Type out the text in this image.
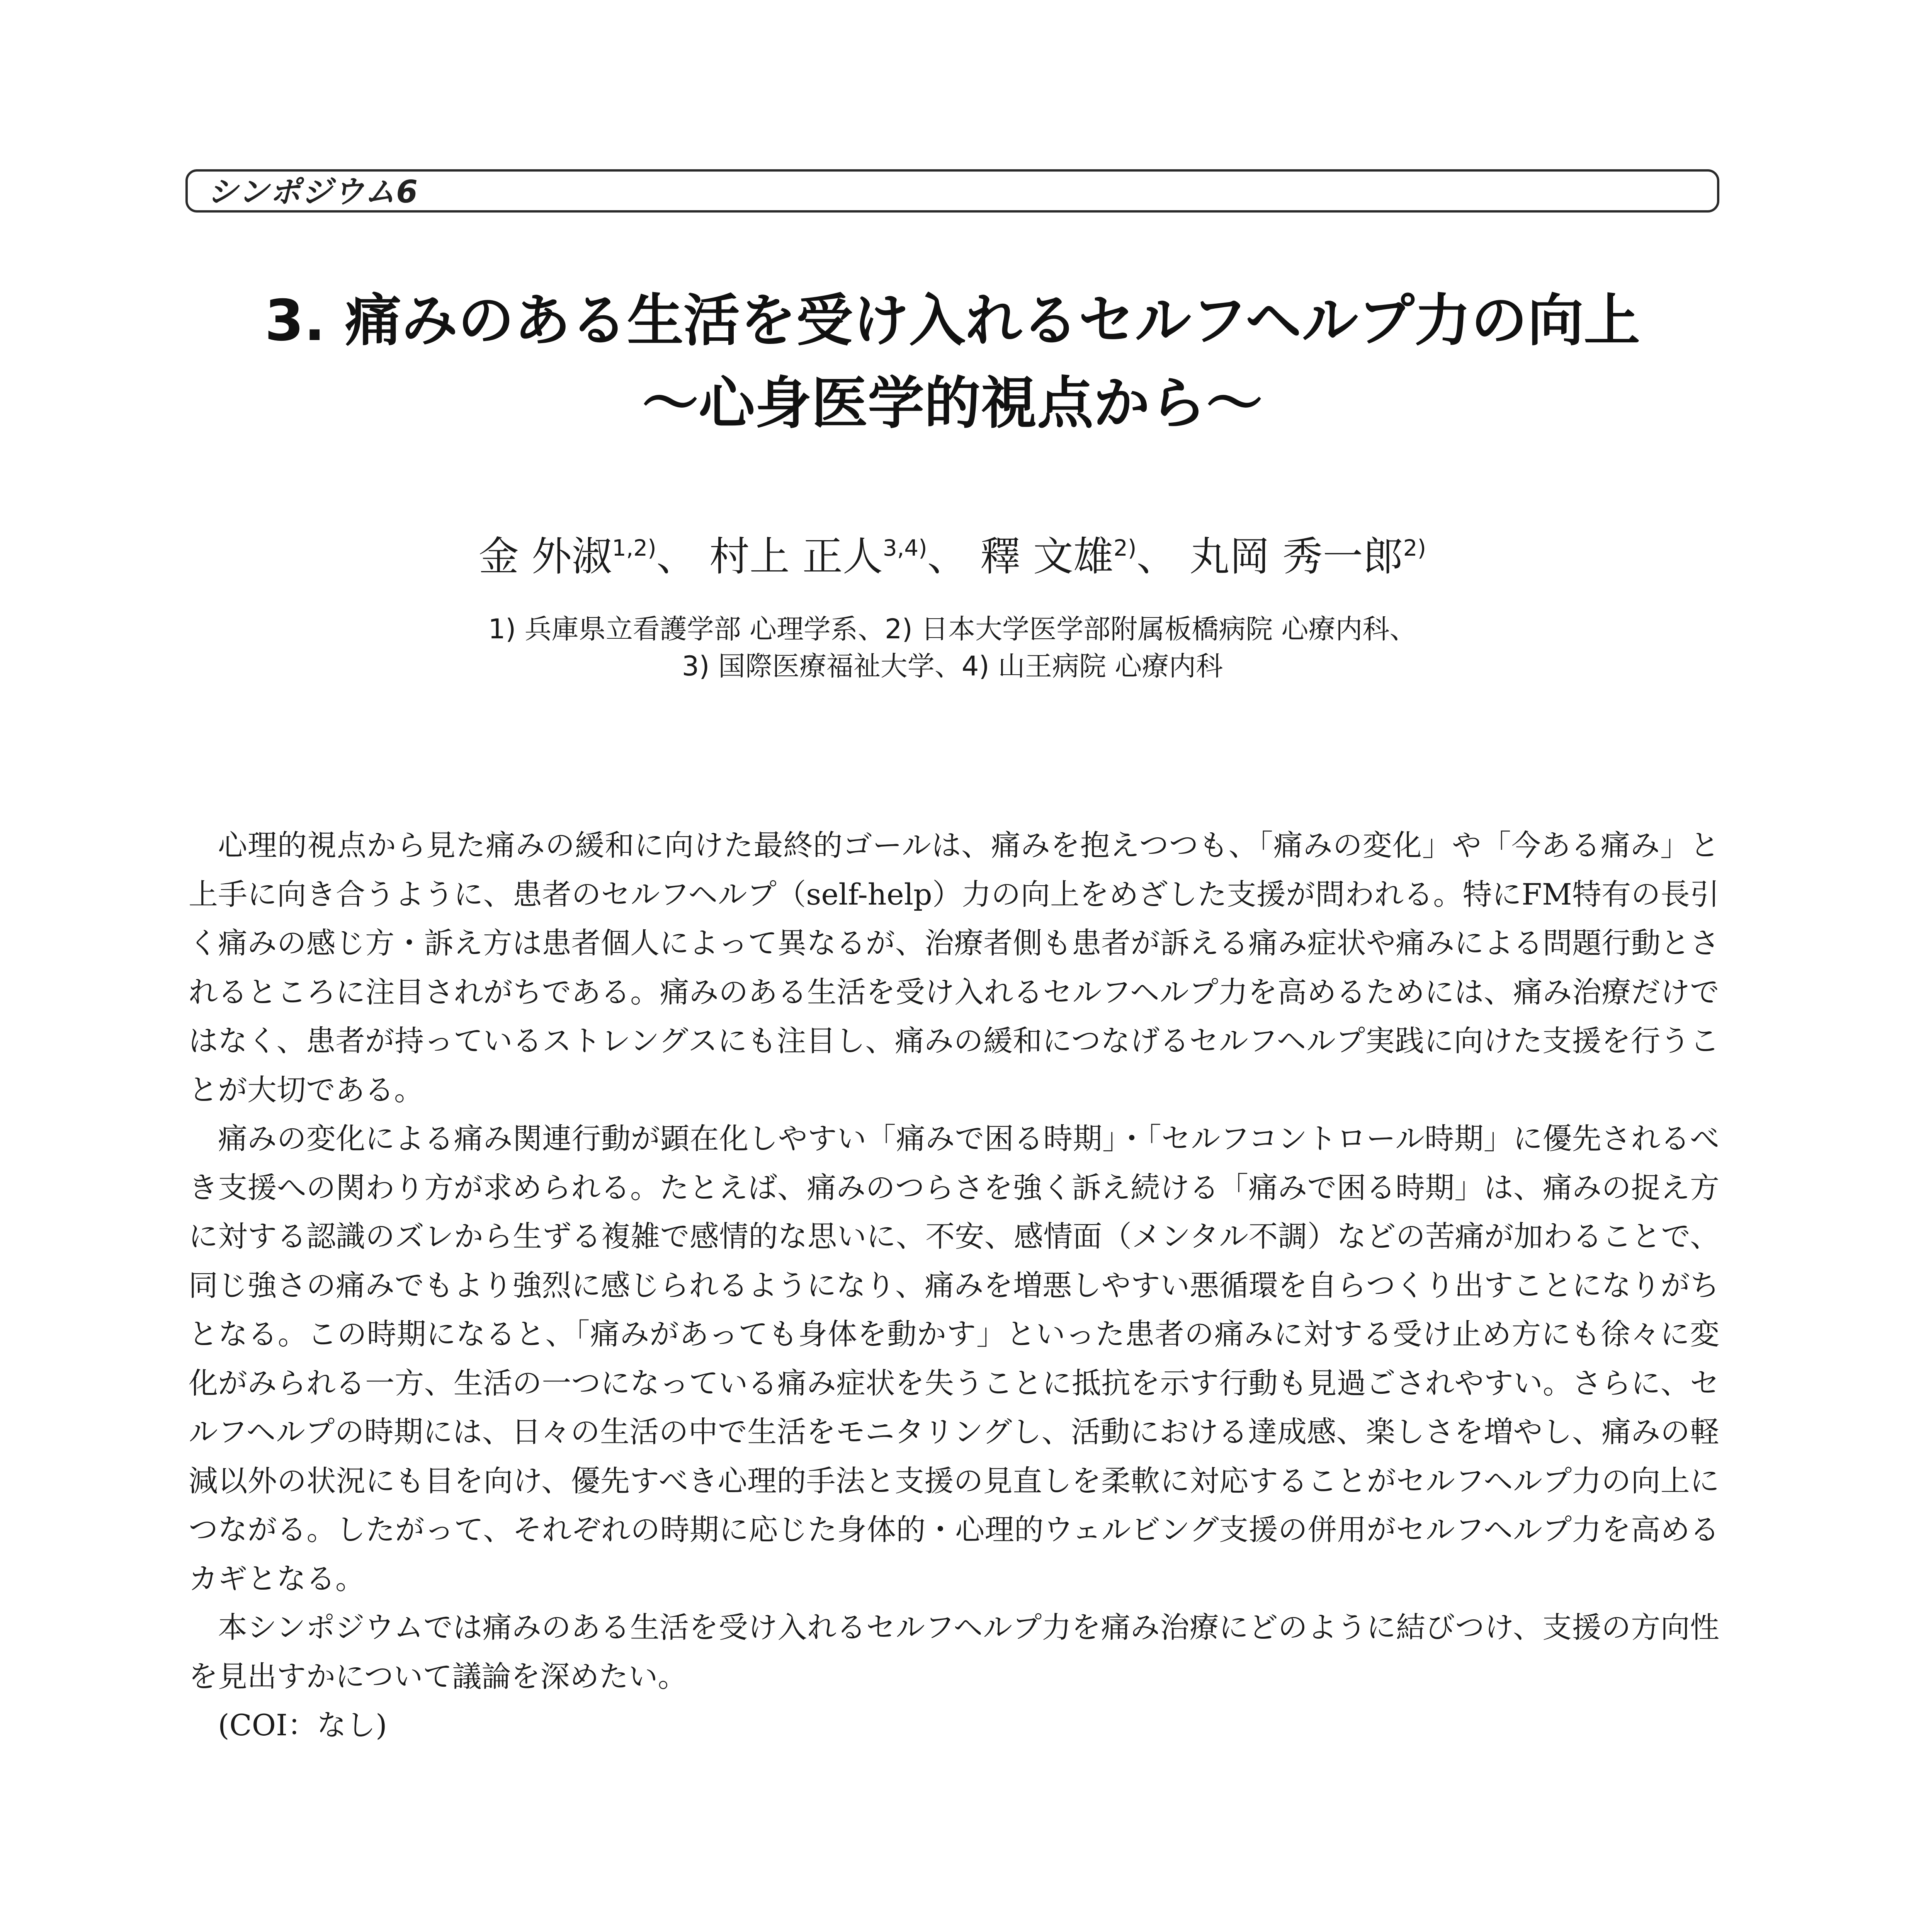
シンポジウム6
3. 痛みのある生活を受け入れるセルフヘルプ力の向上
〜心身医学的視点から〜
金 外淑$^{1,2)}$、 村上 正人$^{3,4)}$、 釋 文雄$^{2)}$、 丸岡 秀一郎$^{2)}$
1) 兵庫県立看護学部 心理学系、2) 日本大学医学部附属板橋病院 心療内科、
3) 国際医療福祉大学、4) 山王病院 心療内科

心理的視点から見た痛みの緩和に向けた最終的ゴールは、痛みを抱えつつも、「痛みの変化」や「今ある痛み」と上手に向き合うように、患者のセルフヘルプ（self-help）力の向上をめざした支援が問われる。特にFM特有の長引く痛みの感じ方・訴え方は患者個人によって異なるが、治療者側も患者が訴える痛み症状や痛みによる問題行動とされるところに注目されがちである。痛みのある生活を受け入れるセルフヘルプ力を高めるためには、痛み治療だけではなく、患者が持っているストレングスにも注目し、痛みの緩和につなげるセルフヘルプ実践に向けた支援を行うことが大切である。

痛みの変化による痛み関連行動が顕在化しやすい「痛みで困る時期」・「セルフコントロール時期」に優先されるべき支援への関わり方が求められる。たとえば、痛みのつらさを強く訴え続ける「痛みで困る時期」は、痛みの捉え方に対する認識のズレから生ずる複雑で感情的な思いに、不安、感情面（メンタル不調）などの苦痛が加わることで、同じ強さの痛みでもより強烈に感じられるようになり、痛みを増悪しやすい悪循環を自らつくり出すことになりがちとなる。この時期になると、「痛みがあっても身体を動かす」といった患者の痛みに対する受け止め方にも徐々に変化がみられる一方、生活の一つになっている痛み症状を失うことに抵抗を示す行動も見過ごされやすい。さらに、セルフヘルプの時期には、日々の生活の中で生活をモニタリングし、活動における達成感、楽しさを増やし、痛みの軽減以外の状況にも目を向け、優先すべき心理的手法と支援の見直しを柔軟に対応することがセルフヘルプ力の向上につながる。したがって、それぞれの時期に応じた身体的・心理的ウェルビング支援の併用がセルフヘルプ力を高めるカギとなる。

本シンポジウムでは痛みのある生活を受け入れるセルフヘルプ力を痛み治療にどのように結びつけ、支援の方向性を見出すかについて議論を深めたい。

(COI：なし)
